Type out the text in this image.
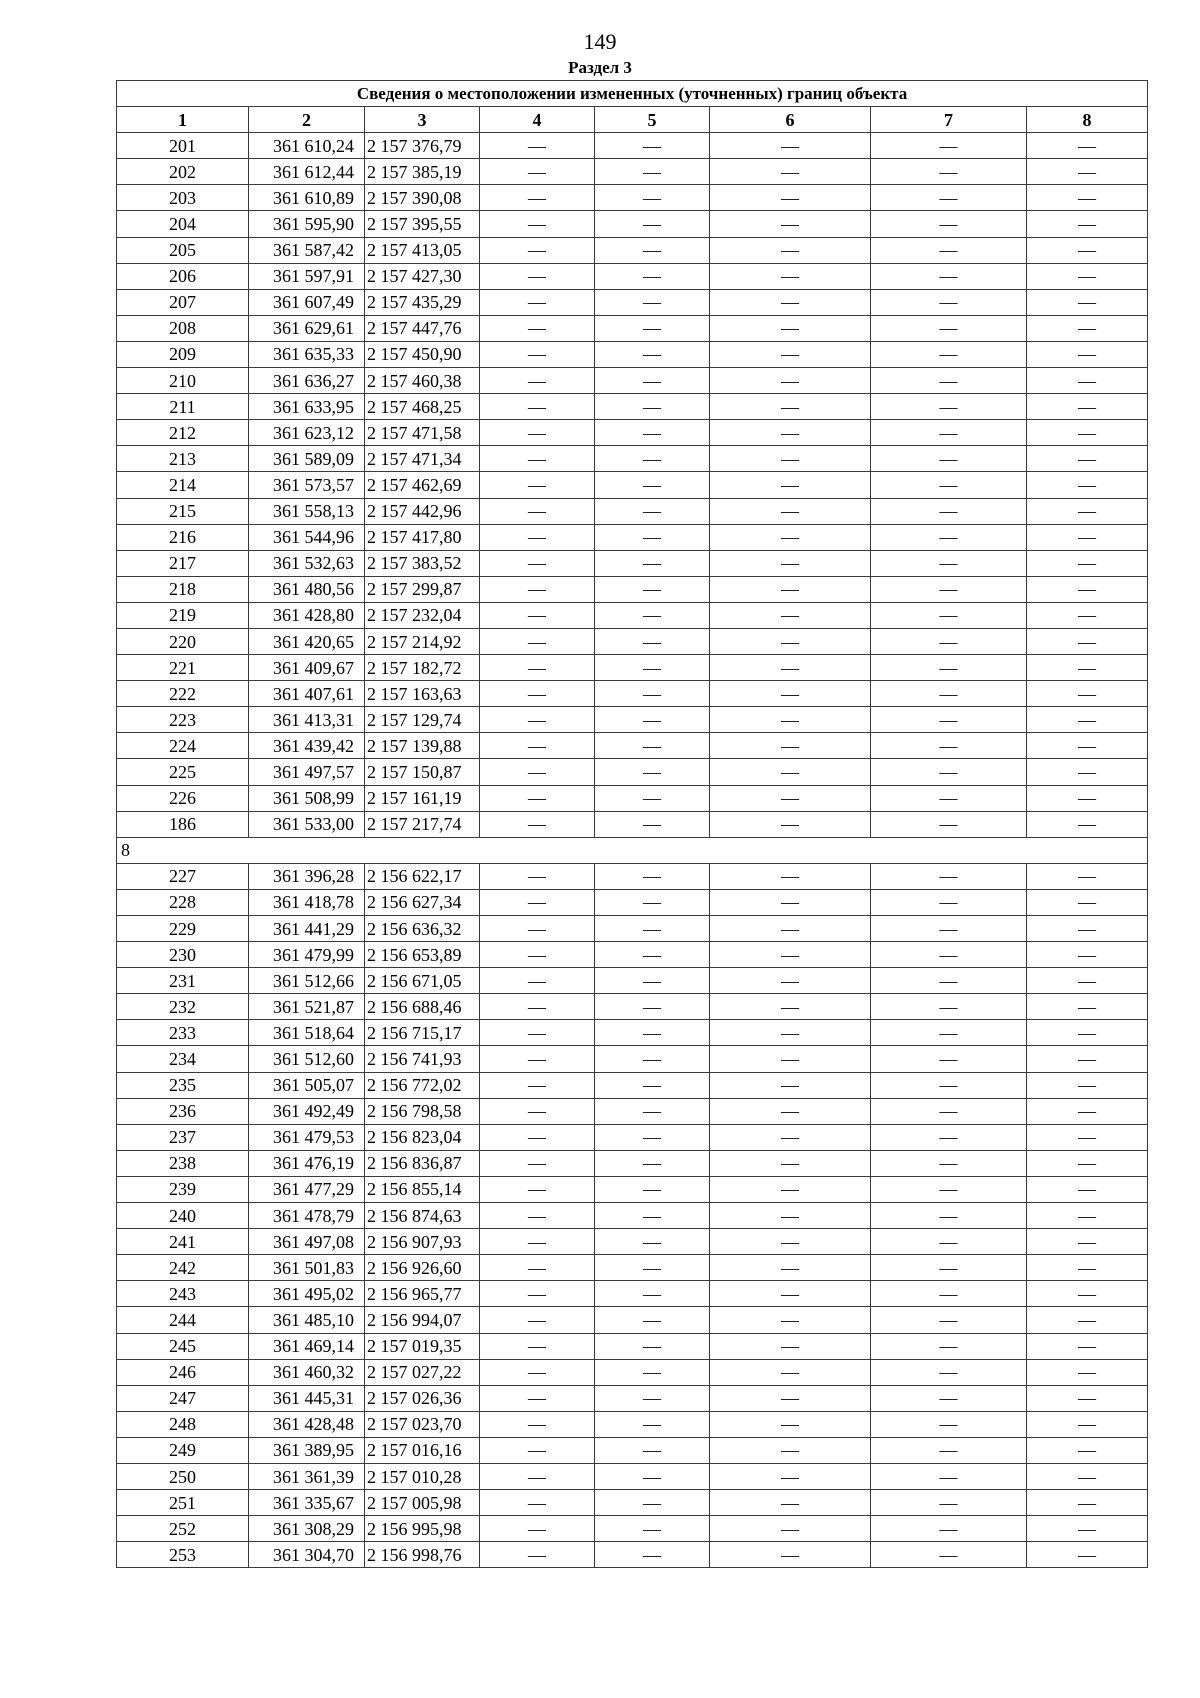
149
Раздел 3
Сведения о местоположении измененных (уточненных) границ объекта							
1	2	3	4	5	6	7	8
201	361 610,24	2 157 376,79	—	—	—	—	—
202	361 612,44	2 157 385,19	—	—	—	—	—
203	361 610,89	2 157 390,08	—	—	—	—	—
204	361 595,90	2 157 395,55	—	—	—	—	—
205	361 587,42	2 157 413,05	—	—	—	—	—
206	361 597,91	2 157 427,30	—	—	—	—	—
207	361 607,49	2 157 435,29	—	—	—	—	—
208	361 629,61	2 157 447,76	—	—	—	—	—
209	361 635,33	2 157 450,90	—	—	—	—	—
210	361 636,27	2 157 460,38	—	—	—	—	—
211	361 633,95	2 157 468,25	—	—	—	—	—
212	361 623,12	2 157 471,58	—	—	—	—	—
213	361 589,09	2 157 471,34	—	—	—	—	—
214	361 573,57	2 157 462,69	—	—	—	—	—
215	361 558,13	2 157 442,96	—	—	—	—	—
216	361 544,96	2 157 417,80	—	—	—	—	—
217	361 532,63	2 157 383,52	—	—	—	—	—
218	361 480,56	2 157 299,87	—	—	—	—	—
219	361 428,80	2 157 232,04	—	—	—	—	—
220	361 420,65	2 157 214,92	—	—	—	—	—
221	361 409,67	2 157 182,72	—	—	—	—	—
222	361 407,61	2 157 163,63	—	—	—	—	—
223	361 413,31	2 157 129,74	—	—	—	—	—
224	361 439,42	2 157 139,88	—	—	—	—	—
225	361 497,57	2 157 150,87	—	—	—	—	—
226	361 508,99	2 157 161,19	—	—	—	—	—
186	361 533,00	2 157 217,74	—	—	—	—	—
8							
227	361 396,28	2 156 622,17	—	—	—	—	—
228	361 418,78	2 156 627,34	—	—	—	—	—
229	361 441,29	2 156 636,32	—	—	—	—	—
230	361 479,99	2 156 653,89	—	—	—	—	—
231	361 512,66	2 156 671,05	—	—	—	—	—
232	361 521,87	2 156 688,46	—	—	—	—	—
233	361 518,64	2 156 715,17	—	—	—	—	—
234	361 512,60	2 156 741,93	—	—	—	—	—
235	361 505,07	2 156 772,02	—	—	—	—	—
236	361 492,49	2 156 798,58	—	—	—	—	—
237	361 479,53	2 156 823,04	—	—	—	—	—
238	361 476,19	2 156 836,87	—	—	—	—	—
239	361 477,29	2 156 855,14	—	—	—	—	—
240	361 478,79	2 156 874,63	—	—	—	—	—
241	361 497,08	2 156 907,93	—	—	—	—	—
242	361 501,83	2 156 926,60	—	—	—	—	—
243	361 495,02	2 156 965,77	—	—	—	—	—
244	361 485,10	2 156 994,07	—	—	—	—	—
245	361 469,14	2 157 019,35	—	—	—	—	—
246	361 460,32	2 157 027,22	—	—	—	—	—
247	361 445,31	2 157 026,36	—	—	—	—	—
248	361 428,48	2 157 023,70	—	—	—	—	—
249	361 389,95	2 157 016,16	—	—	—	—	—
250	361 361,39	2 157 010,28	—	—	—	—	—
251	361 335,67	2 157 005,98	—	—	—	—	—
252	361 308,29	2 156 995,98	—	—	—	—	—
253	361 304,70	2 156 998,76	—	—	—	—	—
